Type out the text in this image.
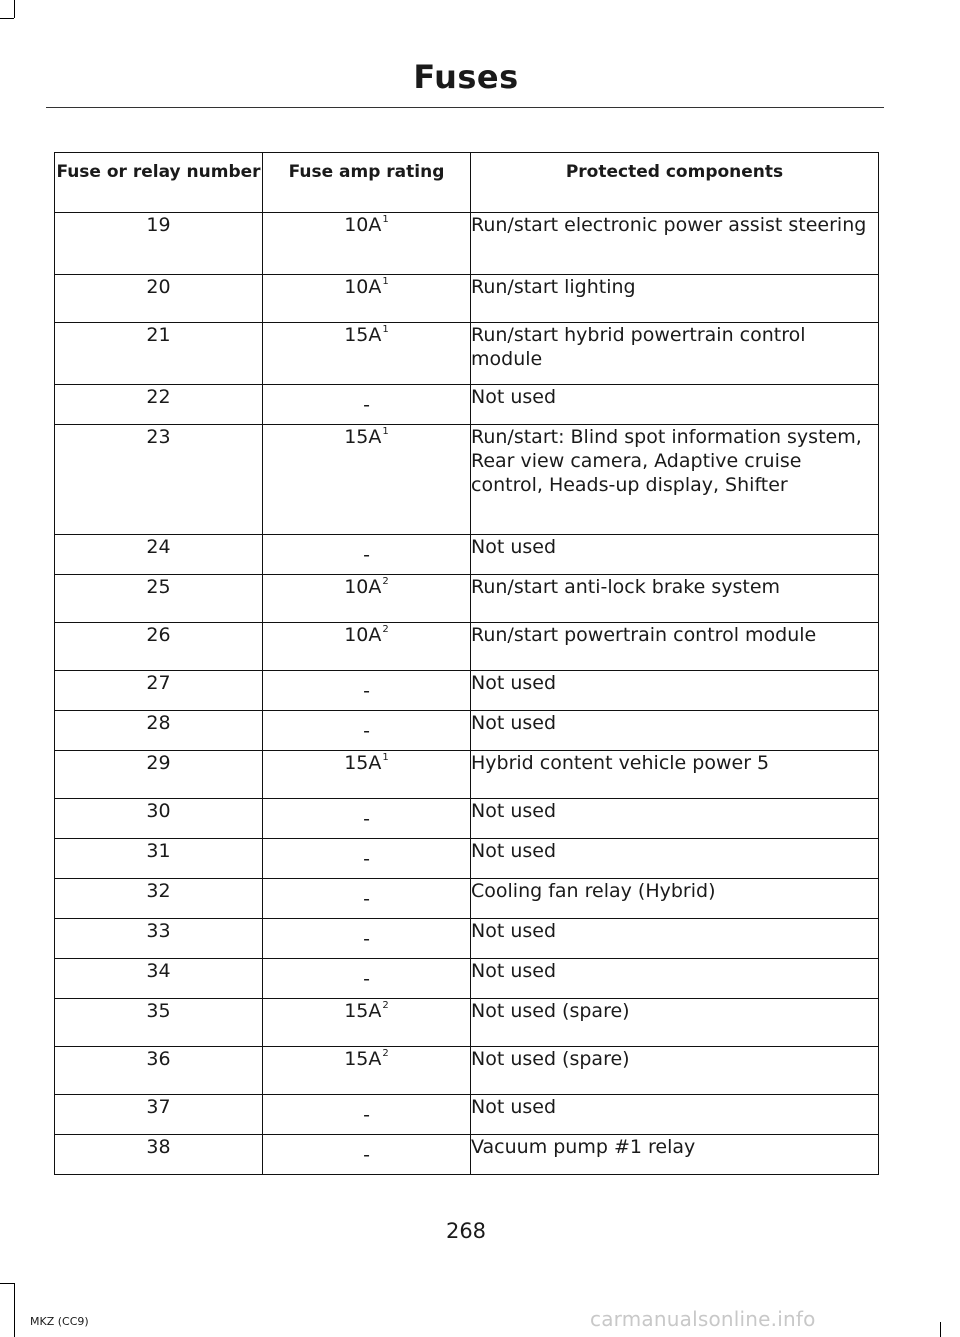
Fuses
Fuse or relay number	Fuse amp rating	Protected components
19	$10A^1$	Run/start electronic power assist steering
20	$10A^1$	Run/start lighting
21	$15A^1$	Run/start hybrid powertrain control module
22	-	Not used
23	$15A^1$	Run/start: Blind spot information system, Rear view camera, Adaptive cruise control, Heads-up display, Shifter
24	-	Not used
25	$10A^2$	Run/start anti-lock brake system
26	$10A^2$	Run/start powertrain control module
27	-	Not used
28	-	Not used
29	$15A^1$	Hybrid content vehicle power 5
30	-	Not used
31	-	Not used
32	-	Cooling fan relay (Hybrid)
33	-	Not used
34	-	Not used
35	$15A^2$	Not used (spare)
36	$15A^2$	Not used (spare)
37	-	Not used
38	-	Vacuum pump #1 relay
268
MKZ (CC9)	carmanualsonline.info
